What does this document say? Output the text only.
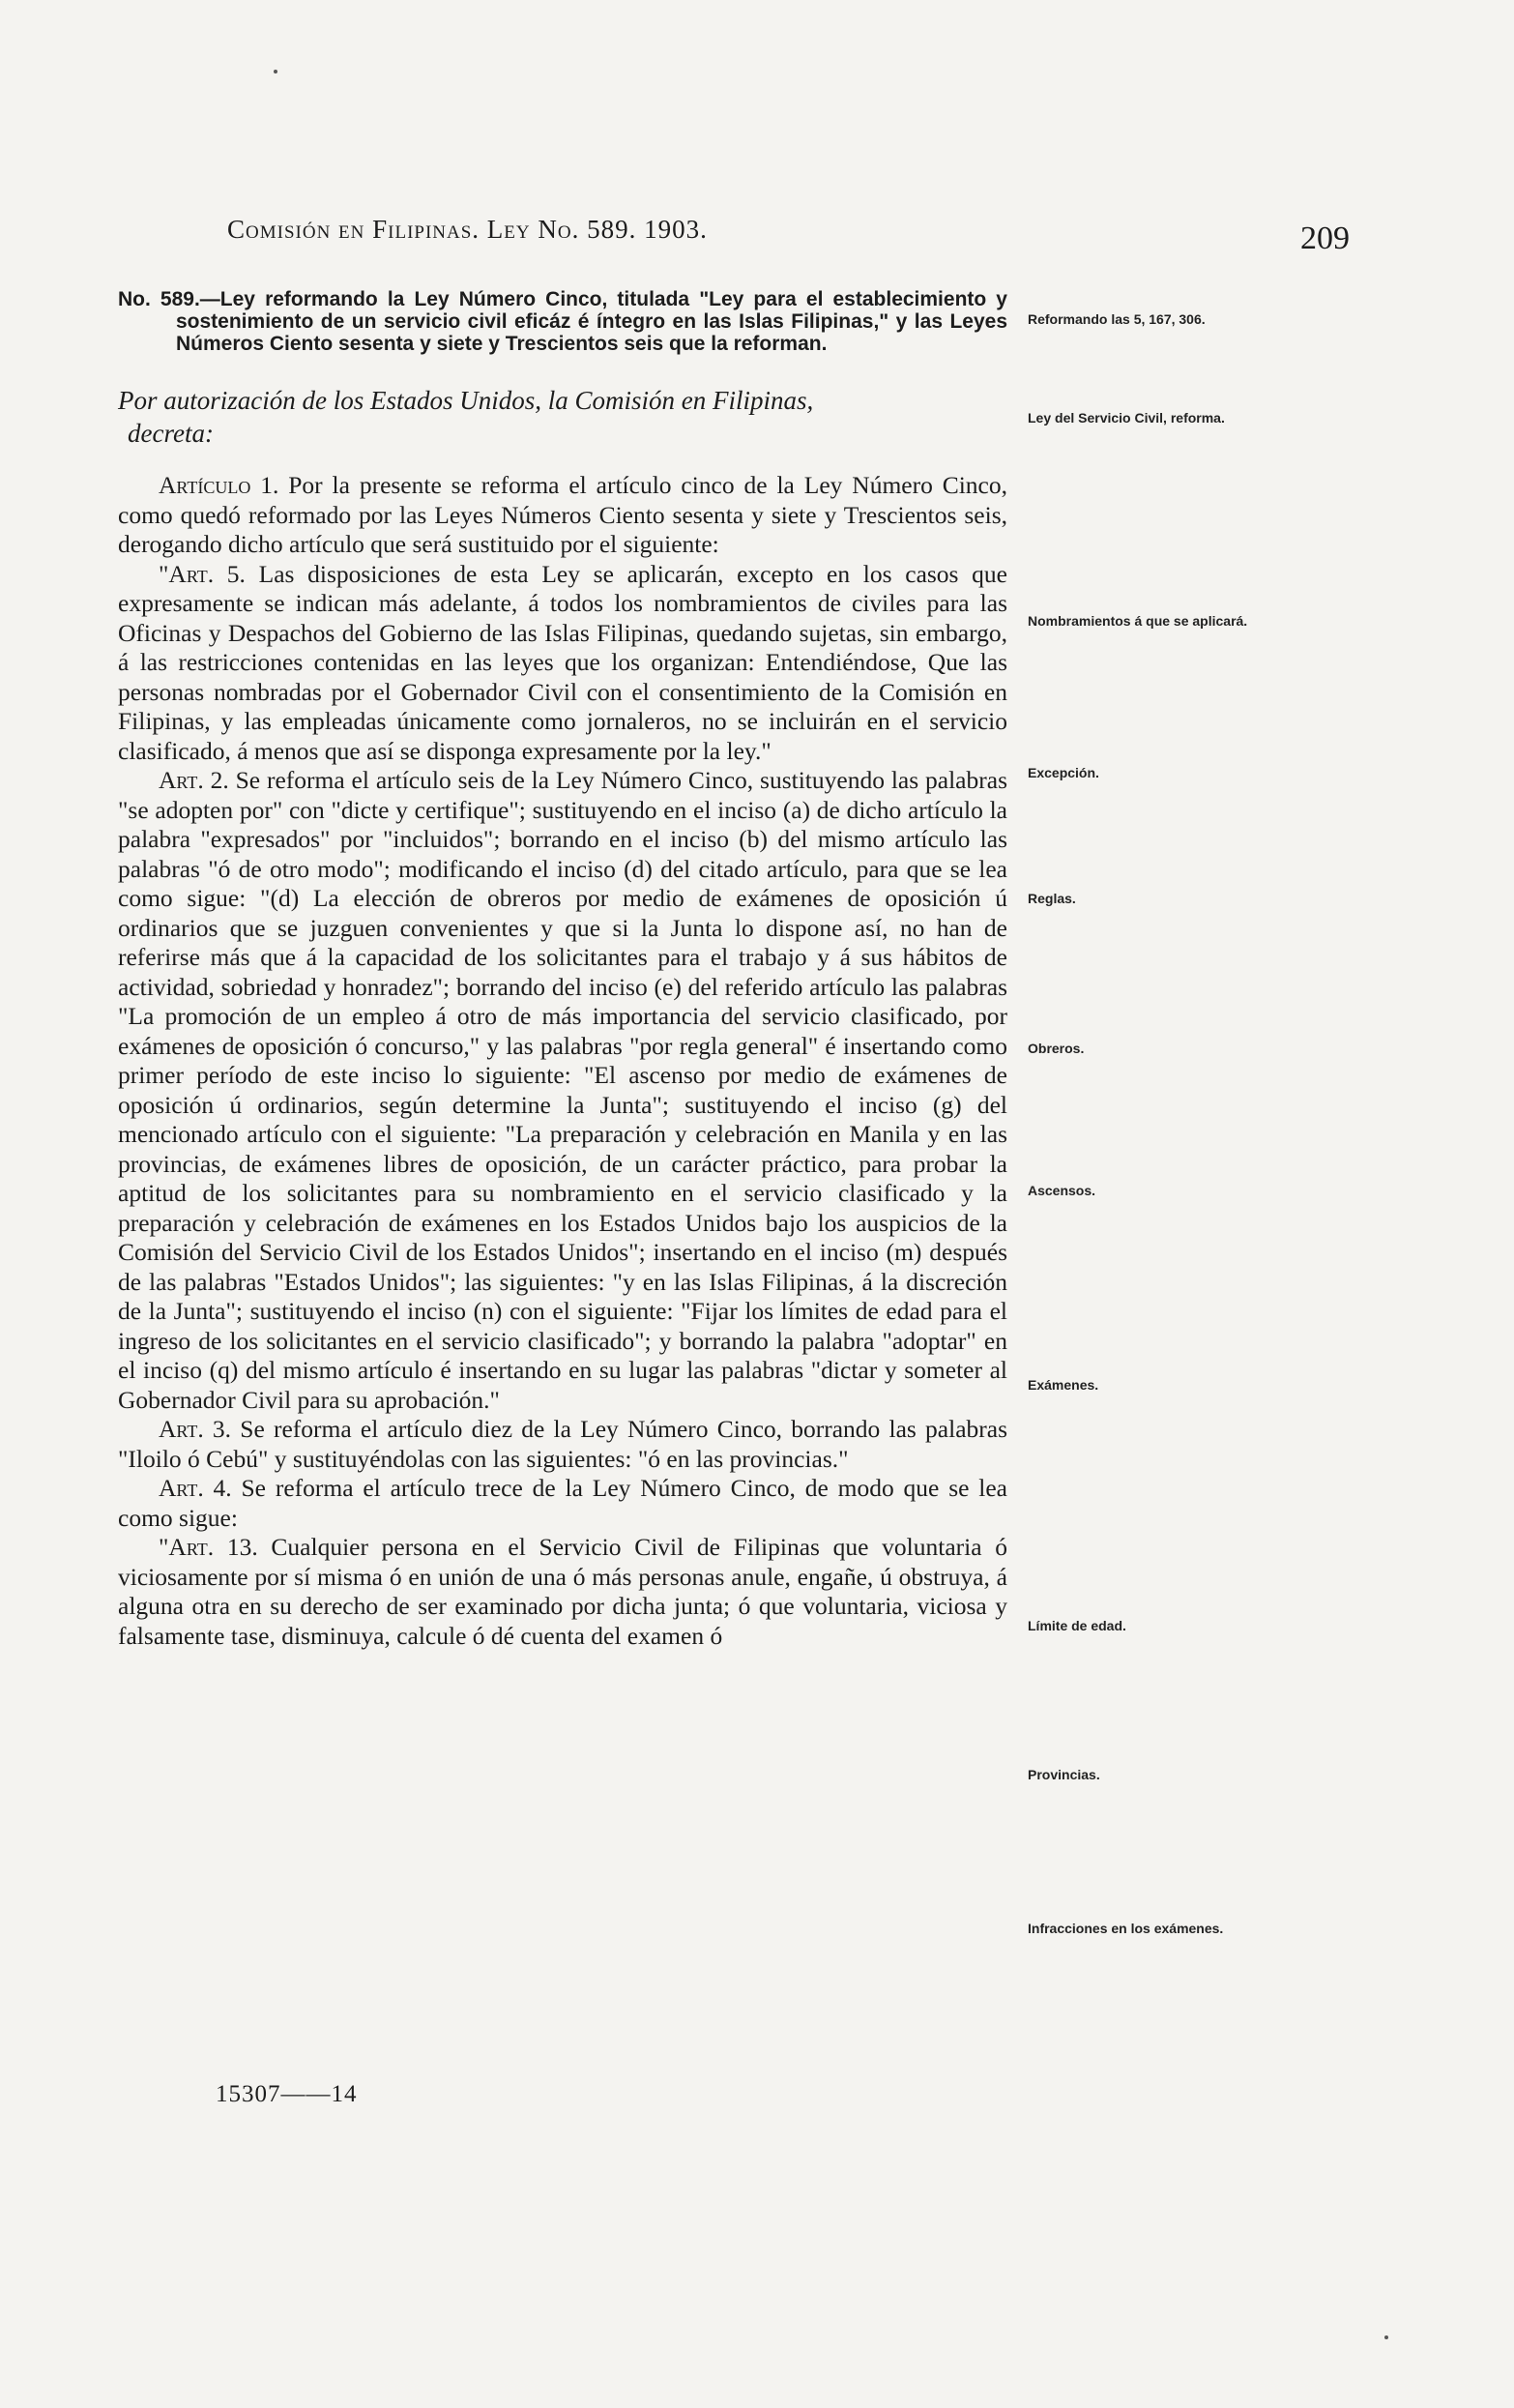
Comisión en Filipinas. Ley No. 589. 1903.	209
No. 589.—Ley reformando la Ley Número Cinco, titulada "Ley para el establecimiento y sostenimiento de un servicio civil eficáz é íntegro en las Islas Filipinas," y las Leyes Números Ciento sesenta y siete y Trescientos seis que la reforman.

Por autorización de los Estados Unidos, la Comisión en Filipinas,
decreta:

Artículo 1. Por la presente se reforma el artículo cinco de la Ley Número Cinco, como quedó reformado por las Leyes Números Ciento sesenta y siete y Trescientos seis, derogando dicho artículo que será sustituido por el siguiente:

"Art. 5. Las disposiciones de esta Ley se aplicarán, excepto en los casos que expresamente se indican más adelante, á todos los nombramientos de civiles para las Oficinas y Despachos del Gobierno de las Islas Filipinas, quedando sujetas, sin embargo, á las restricciones contenidas en las leyes que los organizan: Entendiéndose, Que las personas nombradas por el Gobernador Civil con el consentimiento de la Comisión en Filipinas, y las empleadas únicamente como jornaleros, no se incluirán en el servicio clasificado, á menos que así se disponga expresamente por la ley."

Art. 2. Se reforma el artículo seis de la Ley Número Cinco, sustituyendo las palabras "se adopten por" con "dicte y certifique"; sustituyendo en el inciso (a) de dicho artículo la palabra "expresados" por "incluidos"; borrando en el inciso (b) del mismo artículo las palabras "ó de otro modo"; modificando el inciso (d) del citado artículo, para que se lea como sigue: "(d) La elección de obreros por medio de exámenes de oposición ú ordinarios que se juzguen convenientes y que si la Junta lo dispone así, no han de referirse más que á la capacidad de los solicitantes para el trabajo y á sus hábitos de actividad, sobriedad y honradez"; borrando del inciso (e) del referido artículo las palabras "La promoción de un empleo á otro de más importancia del servicio clasificado, por exámenes de oposición ó concurso," y las palabras "por regla general" é insertando como primer período de este inciso lo siguiente: "El ascenso por medio de exámenes de oposición ú ordinarios, según determine la Junta"; sustituyendo el inciso (g) del mencionado artículo con el siguiente: "La preparación y celebración en Manila y en las provincias, de exámenes libres de oposición, de un carácter práctico, para probar la aptitud de los solicitantes para su nombramiento en el servicio clasificado y la preparación y celebración de exámenes en los Estados Unidos bajo los auspicios de la Comisión del Servicio Civil de los Estados Unidos"; insertando en el inciso (m) después de las palabras "Estados Unidos"; las siguientes: "y en las Islas Filipinas, á la discreción de la Junta"; sustituyendo el inciso (n) con el siguiente: "Fijar los límites de edad para el ingreso de los solicitantes en el servicio clasificado"; y borrando la palabra "adoptar" en el inciso (q) del mismo artículo é insertando en su lugar las palabras "dictar y someter al Gobernador Civil para su aprobación."

Art. 3. Se reforma el artículo diez de la Ley Número Cinco, borrando las palabras "Iloilo ó Cebú" y sustituyéndolas con las siguientes: "ó en las provincias."

Art. 4. Se reforma el artículo trece de la Ley Número Cinco, de modo que se lea como sigue:

"Art. 13. Cualquier persona en el Servicio Civil de Filipinas que voluntaria ó viciosamente por sí misma ó en unión de una ó más personas anule, engañe, ú obstruya, á alguna otra en su derecho de ser examinado por dicha junta; ó que voluntaria, viciosa y falsamente tase, disminuya, calcule ó dé cuenta del examen ó

15307——14
Reformando las 5, 167, 306.
Ley del Servicio Civil, reforma.
Nombramientos á que se aplicará.
Excepción.
Reglas.
Obreros.
Ascensos.
Exámenes.
Límite de edad.
Provincias.
Infracciones en los exámenes.
